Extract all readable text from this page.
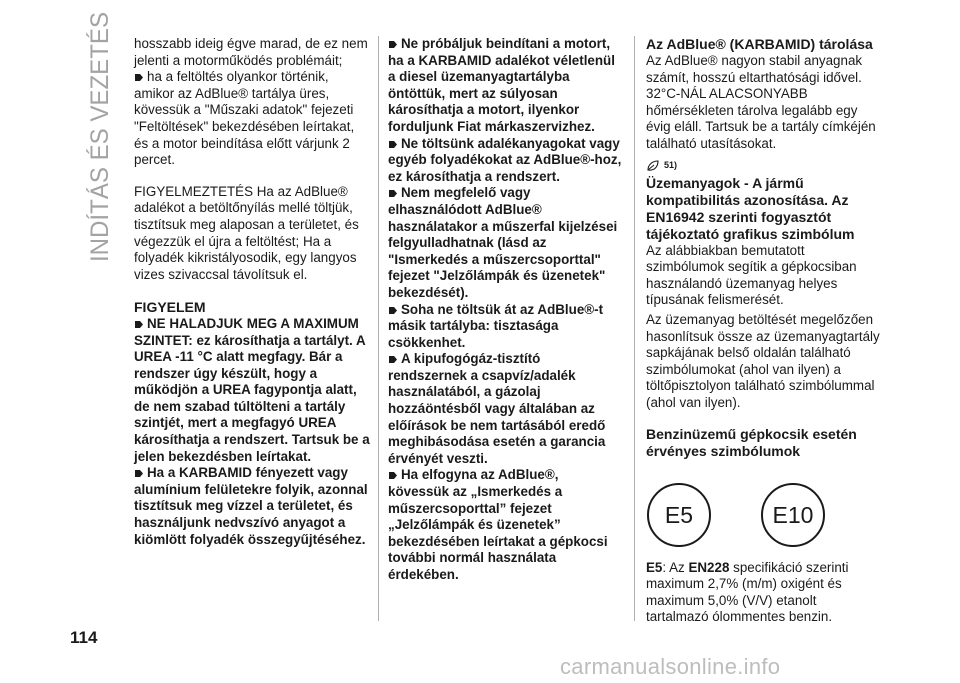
INDÍTÁS ÉS VEZETÉS hosszabb ideig égve marad, de ez nem jelenti a motorműködés problémáit;

ha a feltöltés olyankor történik, amikor az AdBlue® tartálya üres, kövessük a "Műszaki adatok" fejezeti "Feltöltések" bekezdésében leírtakat, és a motor beindítása előtt várjunk 2 percet.

FIGYELMEZTETÉS Ha az AdBlue® adalékot a betöltőnyílás mellé töltjük, tisztítsuk meg alaposan a területet, és végezzük el újra a feltöltést; Ha a folyadék kikristályosodik, egy langyos vizes szivaccsal távolítsuk el.

FIGYELEM

NE HALADJUK MEG A MAXIMUM SZINTET: ez károsíthatja a tartályt. A UREA -11 °C alatt megfagy. Bár a rendszer úgy készült, hogy a működjön a UREA fagypontja alatt, de nem szabad túltölteni a tartály szintjét, mert a megfagyó UREA károsíthatja a rendszert. Tartsuk be a jelen bekezdésben leírtakat.

Ha a KARBAMID fényezett vagy alumínium felületekre folyik, azonnal tisztítsuk meg vízzel a területet, és használjunk nedvszívó anyagot a kiömlött folyadék összegyűjtéséhez.

Ne próbáljuk beindítani a motort, ha a KARBAMID adalékot véletlenül a diesel üzemanyagtartályba öntöttük, mert az súlyosan károsíthatja a motort, ilyenkor forduljunk Fiat márkaszervizhez.

Ne töltsünk adalékanyagokat vagy egyéb folyadékokat az AdBlue®-hoz, ez károsíthatja a rendszert.

Nem megfelelő vagy elhasználódott AdBlue® használatakor a műszerfal kijelzései felgyulladhatnak (lásd az "Ismerkedés a műszercsoporttal" fejezet "Jelzőlámpák és üzenetek" bekezdését).

Soha ne töltsük át az AdBlue®-t másik tartályba: tisztasága csökkenhet.

A kipufogógáz-tisztító rendszernek a csapvíz/adalék használatából, a gázolaj hozzáöntésből vagy általában az előírások be nem tartásából eredő meghibásodása esetén a garancia érvényét veszti.

Ha elfogyna az AdBlue®, kövessük az „Ismerkedés a műszercsoporttal” fejezet „Jelzőlámpák és üzenetek” bekezdésében leírtakat a gépkocsi további normál használata érdekében.

Az AdBlue® (KARBAMID) tárolása

Az AdBlue® nagyon stabil anyagnak számít, hosszú eltarthatósági idővel. 32°C-NÁL ALACSONYABB hőmérsékleten tárolva legalább egy évig eláll. Tartsuk be a tartály címkéjén található utasításokat.

51)

Üzemanyagok - A jármű kompatibilitás azonosítása. Az EN16942 szerinti fogyasztót tájékoztató grafikus szimbólum

Az alábbiakban bemutatott szimbólumok segítik a gépkocsiban használandó üzemanyag helyes típusának felismerését.

Az üzemanyag betöltését megelőzően hasonlítsuk össze az üzemanyagtartály sapkájának belső oldalán található szimbólumokat (ahol van ilyen) a töltőpisztolyon található szimbólummal (ahol van ilyen).

Benzinüzemű gépkocsik esetén érvényes szimbólumok

E5	E10

E5: Az EN228 specifikáció szerinti maximum 2,7% (m/m) oxigént és maximum 5,0% (V/V) etanolt tartalmazó ólommentes benzin.

114
carmanualsonline.info
